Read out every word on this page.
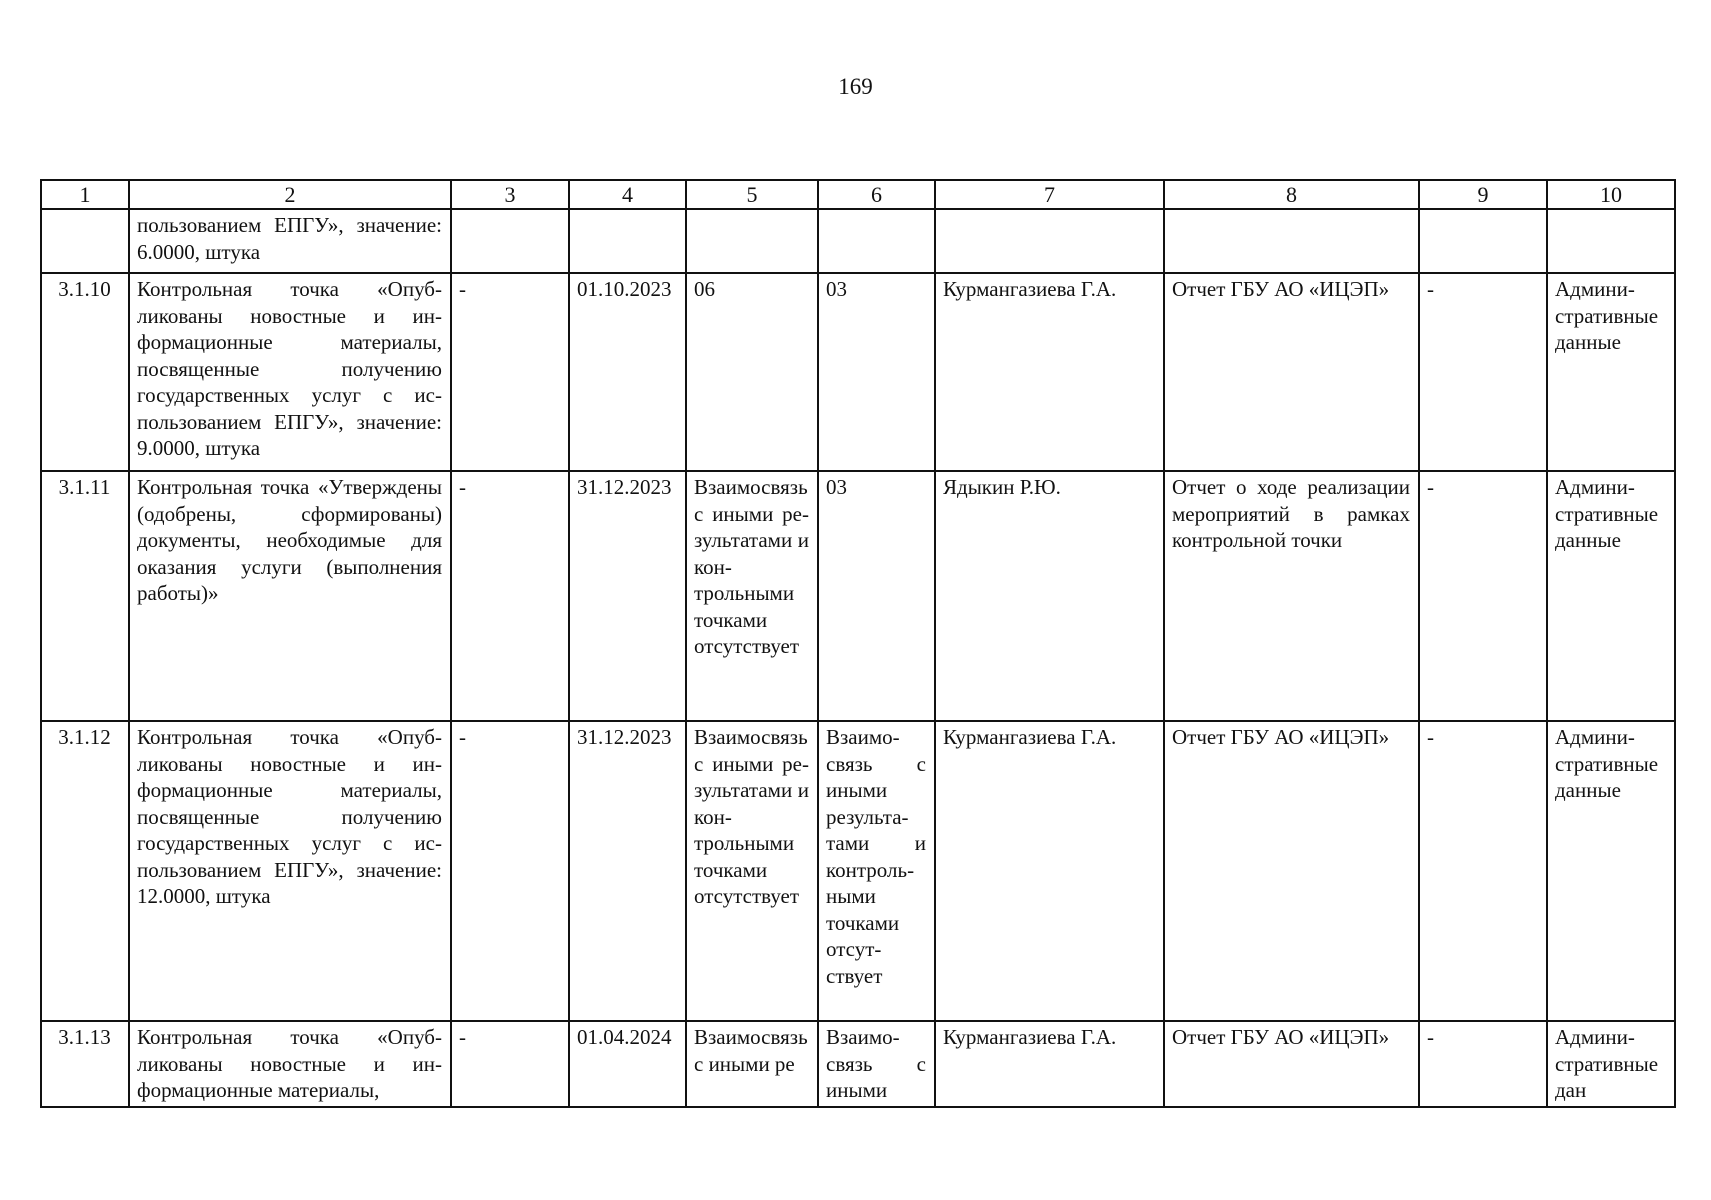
169
1	2	3	4	5	6	7	8	9	10
	пользованием ЕПГУ», значение: 6.0000, штука								
3.1.10	Контрольная точка «Опубликованы новостные и информационные материалы, посвященные получению государственных услуг с использованием ЕПГУ», значение: 9.0000, штука	-	01.10.2023	06	03	Курмангазиева Г.А.	Отчет ГБУ АО «ИЦЭП»	-	Административные данные
3.1.11	Контрольная точка «Утверждены (одобрены, сформированы) документы, необходимые для оказания услуги (выполнения работы)»	-	31.12.2023	Взаимосвязь с иными результатами и контрольными точками отсутствует	03	Ядыкин Р.Ю.	Отчет о ходе реализации мероприятий в рамках контрольной точки	-	Административные данные
3.1.12	Контрольная точка «Опубликованы новостные и информационные материалы, посвященные получению государственных услуг с использованием ЕПГУ», значение: 12.0000, штука	-	31.12.2023	Взаимосвязь с иными результатами и контрольными точками отсутствует	Взаимосвязь с иными результатами и контрольными точками отсутствует	Курмангазиева Г.А.	Отчет ГБУ АО «ИЦЭП»	-	Административные данные
3.1.13	Контрольная точка «Опубликованы новостные и информационные материалы,	-	01.04.2024	Взаимосвязь с иными ре	Взаимосвязь с иными	Курмангазиева Г.А.	Отчет ГБУ АО «ИЦЭП»	-	Административные дан
